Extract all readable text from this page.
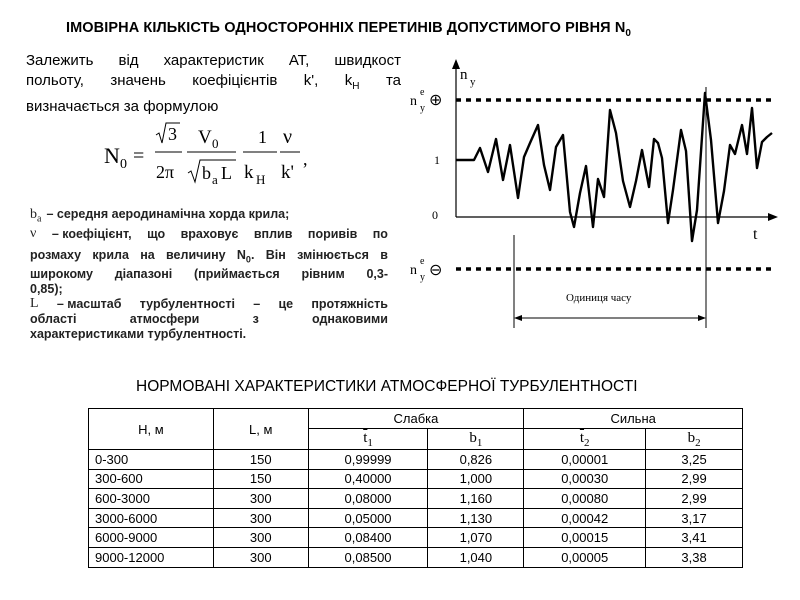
ІМОВІРНА КІЛЬКІСТЬ ОДНОСТОРОННІХ ПЕРЕТИНІВ ДОПУСТИМОГО РІВНЯ $N_0$
Залежить від характеристик АТ, швидкост
польоту, значень коефіцієнтів k', $k_Н$ та
визначається за формулою
N 0 =
3
2π
V 0
b a L
1
k H
ν
k'
,
$b_a$ – середня аеродинамічна хорда крила;
ν – коефіцієнт, що враховує вплив поривів по
розмаху крила на величину $N_0$. Він змінюється в
широкому діапазоні (приймається рівним 0,3-
0,85);
L – масштаб турбулентності – це протяжність
області	атмосфери	з	однаковими
характеристиками турбулентності.
n y
n
e
y ⊕
n
e
y ⊖
1
0
t
Одиниця часу
НОРМОВАНІ ХАРАКТЕРИСТИКИ АТМОСФЕРНОЇ ТУРБУЛЕНТНОСТІ
H, м	L, м	Слабка		Сильна	
		$\overline{t}_1$	$b_1$	$\overline{t}_2$	$b_2$
0-300	150	0,99999	0,826	0,00001	3,25
300-600	150	0,40000	1,000	0,00030	2,99
600-3000	300	0,08000	1,160	0,00080	2,99
3000-6000	300	0,05000	1,130	0,00042	3,17
6000-9000	300	0,08400	1,070	0,00015	3,41
9000-12000	300	0,08500	1,040	0,00005	3,38
